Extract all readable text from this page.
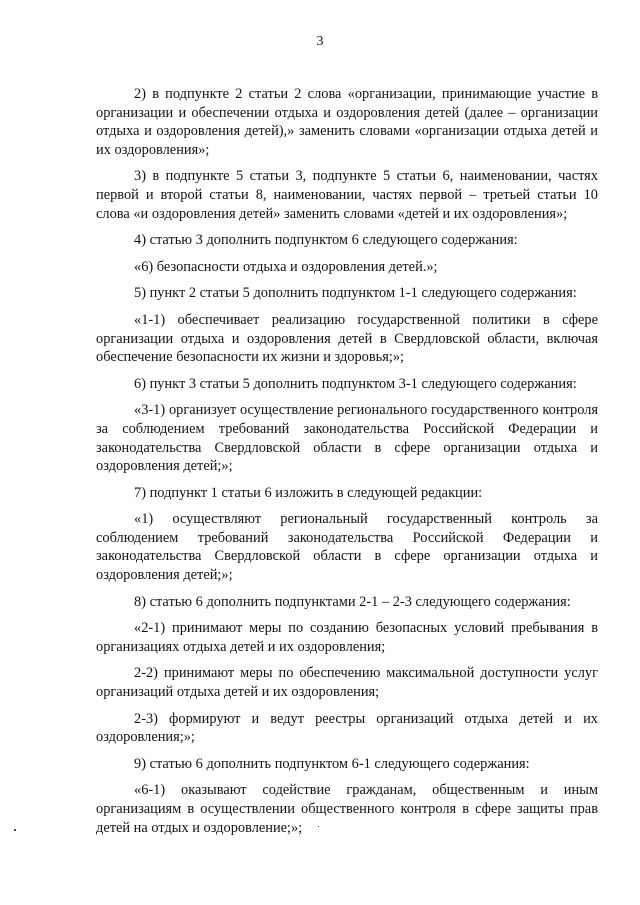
3

2) в подпункте 2 статьи 2 слова «организации, принимающие участие в организации и обеспечении отдыха и оздоровления детей (далее – организации отдыха и оздоровления детей),» заменить словами «организации отдыха детей и их оздоровления»;

3) в подпункте 5 статьи 3, подпункте 5 статьи 6, наименовании, частях первой и второй статьи 8, наименовании, частях первой – третьей статьи 10 слова «и оздоровления детей» заменить словами «детей и их оздоровления»;

4) статью 3 дополнить подпунктом 6 следующего содержания:

«6) безопасности отдыха и оздоровления детей.»;

5) пункт 2 статьи 5 дополнить подпунктом 1-1 следующего содержания:

«1-1) обеспечивает реализацию государственной политики в сфере организации отдыха и оздоровления детей в Свердловской области, включая обеспечение безопасности их жизни и здоровья;»;

6) пункт 3 статьи 5 дополнить подпунктом 3-1 следующего содержания:

«3-1) организует осуществление регионального государственного контроля за соблюдением требований законодательства Российской Федерации и законодательства Свердловской области в сфере организации отдыха и оздоровления детей;»;

7) подпункт 1 статьи 6 изложить в следующей редакции:

«1) осуществляют региональный государственный контроль за соблюдением требований законодательства Российской Федерации и законодательства Свердловской области в сфере организации отдыха и оздоровления детей;»;

8) статью 6 дополнить подпунктами 2-1 – 2-3 следующего содержания:

«2-1) принимают меры по созданию безопасных условий пребывания в организациях отдыха детей и их оздоровления;

2-2) принимают меры по обеспечению максимальной доступности услуг организаций отдыха детей и их оздоровления;

2-3) формируют и ведут реестры организаций отдыха детей и их оздоровления;»;

9) статью 6 дополнить подпунктом 6-1 следующего содержания:

«6-1) оказывают содействие гражданам, общественным и иным организациям в осуществлении общественного контроля в сфере защиты прав детей на отдых и оздоровление;»;
